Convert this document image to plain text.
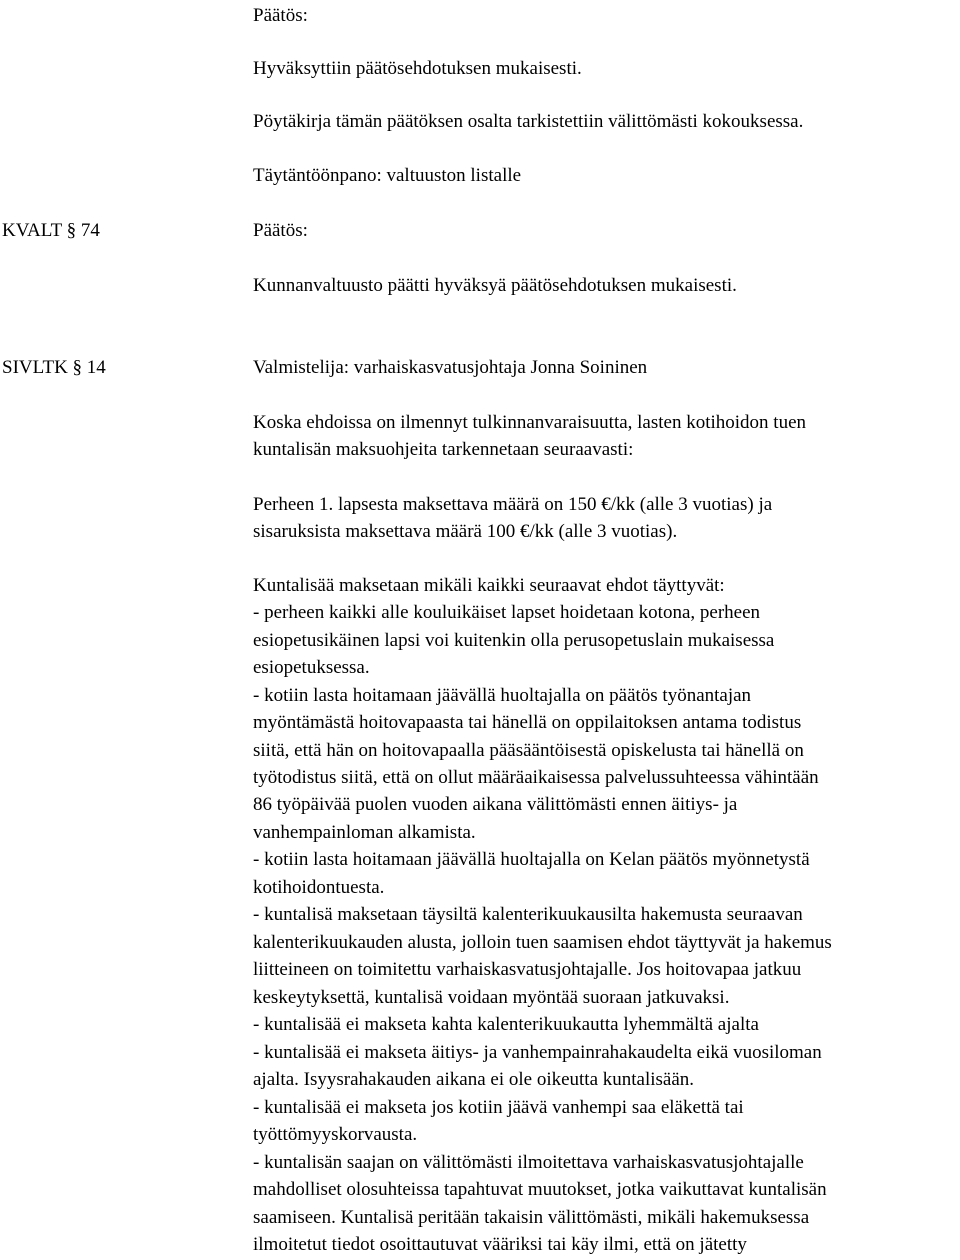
Päätös:
Hyväksyttiin päätösehdotuksen mukaisesti.
Pöytäkirja tämän päätöksen osalta tarkistettiin välittömästi kokouksessa.
Täytäntöönpano: valtuuston listalle
KVALT § 74	Päätös:
Kunnanvaltuusto päätti hyväksyä päätösehdotuksen mukaisesti.
SIVLTK § 14	Valmistelija: varhaiskasvatusjohtaja Jonna Soininen
Koska ehdoissa on ilmennyt tulkinnanvaraisuutta, lasten kotihoidon tuen
kuntalisän maksuohjeita tarkennetaan seuraavasti:
Perheen 1. lapsesta maksettava määrä on 150 €/kk (alle 3 vuotias) ja
sisaruksista maksettava määrä 100 €/kk (alle 3 vuotias).
Kuntalisää maksetaan mikäli kaikki seuraavat ehdot täyttyvät:
- perheen kaikki alle kouluikäiset lapset hoidetaan kotona, perheen
esiopetusikäinen lapsi voi kuitenkin olla perusopetuslain mukaisessa
esiopetuksessa.
- kotiin lasta hoitamaan jäävällä huoltajalla on päätös työnantajan
myöntämästä hoitovapaasta tai hänellä on oppilaitoksen antama todistus
siitä, että hän on hoitovapaalla pääsääntöisestä opiskelusta tai hänellä on
työtodistus siitä, että on ollut määräaikaisessa palvelussuhteessa vähintään
86 työpäivää puolen vuoden aikana välittömästi ennen äitiys- ja
vanhempainloman alkamista.
- kotiin lasta hoitamaan jäävällä huoltajalla on Kelan päätös myönnetystä
kotihoidontuesta.
- kuntalisä maksetaan täysiltä kalenterikuukausilta hakemusta seuraavan
kalenterikuukauden alusta, jolloin tuen saamisen ehdot täyttyvät ja hakemus
liitteineen on toimitettu varhaiskasvatusjohtajalle. Jos hoitovapaa jatkuu
keskeytyksettä, kuntalisä voidaan myöntää suoraan jatkuvaksi.
- kuntalisää ei makseta kahta kalenterikuukautta lyhemmältä ajalta
- kuntalisää ei makseta äitiys- ja vanhempainrahakaudelta eikä vuosiloman
ajalta. Isyysrahakauden aikana ei ole oikeutta kuntalisään.
- kuntalisää ei makseta jos kotiin jäävä vanhempi saa eläkettä tai
työttömyyskorvausta.
- kuntalisän saajan on välittömästi ilmoitettava varhaiskasvatusjohtajalle
mahdolliset olosuhteissa tapahtuvat muutokset, jotka vaikuttavat kuntalisän
saamiseen. Kuntalisä peritään takaisin välittömästi, mikäli hakemuksessa
ilmoitetut tiedot osoittautuvat vääriksi tai käy ilmi, että on jätetty
